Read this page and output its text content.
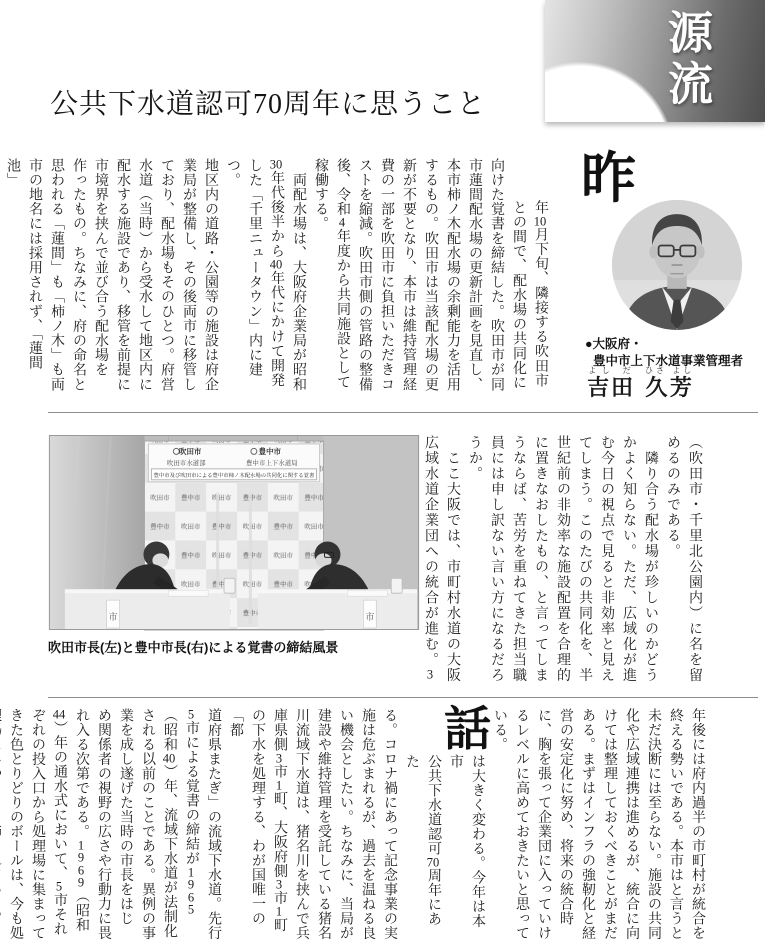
源流
公共下水道認可70周年に思うこと
昨
年10月下旬、隣接する吹田市
との間で、配水場の共同化に
向けた覚書を締結した。吹田市が同
市蓮間配水場の更新計画を見直し、
本市柿ノ木配水場の余剰能力を活用
するもの。吹田市は当該配水場の更
新が不要となり、本市は維持管理経
費の一部を吹田市に負担いただきコ
ストを縮減。吹田市側の管路の整備
後、令和4年度から共同施設として
稼働する。
　両配水場は、大阪府企業局が昭和
30年代後半から40年代にかけて開発
した「千里ニュータウン」内に建つ。
地区内の道路・公園等の施設は府企
業局が整備し、その後両市に移管し
ており、配水場もそのひとつ。府営
水道（当時）から受水して地区内に
配水する施設であり、移管を前提に
市境界を挟んで並び合う配水場を
作ったもの。ちなみに、府の命名と
思われる「蓮間」も「柿ノ木」も両
市の地名には採用されず、「蓮間池」
●大阪府・
豊中市上下水道事業管理者
吉田よし だ
久芳ひさ よし
吹田市	豊中市
吹田市水道部	豊中市上下水道局
豊中市及び吹田市による豊中市柿ノ木配水場の共同化に関する覚書
市	市
吹田市長(左)と豊中市長(右)による覚書の締結風景	（吹田市・千里北公園内）に名を留
めるのみである。
　隣り合う配水場が珍しいのかどう
かよく知らない。ただ、広域化が進
む今日の視点で見ると非効率と見え
てしまう。このたびの共同化を、半
世紀前の非効率な施設配置を合理的
に置きなおしたもの、と言ってしま
うならば、苦労を重ねてきた担当職
員には申し訳ない言い方になるだろ
うか。
　ここ大阪では、市町村水道の大阪
広域水道企業団への統合が進む。3
年後には府内過半の市町村が統合を
終える勢いである。本市はと言うと
未だ決断には至らない。施設の共同
化や広域連携は進めるが、統合に向
けては整理しておくべきことがまだ
ある。まずはインフラの強靭化と経
営の安定化に努め、将来の統合時
に、胸を張って企業団に入っていけ
るレベルに高めておきたいと思って
いる。
話
は大きく変わる。今年は本市
公共下水道認可70周年にあた
る。コロナ禍にあって記念事業の実
施は危ぶまれるが、過去を温ねる良
い機会としたい。ちなみに、当局が
建設や維持管理を受託している猪名
川流域下水道は、猪名川を挟んで兵
庫県側3市1町、大阪府側3市1町
の下水を処理する、わが国唯一の「都
道府県またぎ」の流域下水道。先行
5市による覚書の締結が1965
（昭和40）年、流域下水道が法制化
される以前のことである。異例の事
業を成し遂げた当時の市長をはじ
め関係者の視野の広さや行動力に畏
れ入る次第である。1969（昭和
44）年の通水式において、5市それ
ぞれの投入口から処理場に集まって
きた色とりどりのボールは、今も処
